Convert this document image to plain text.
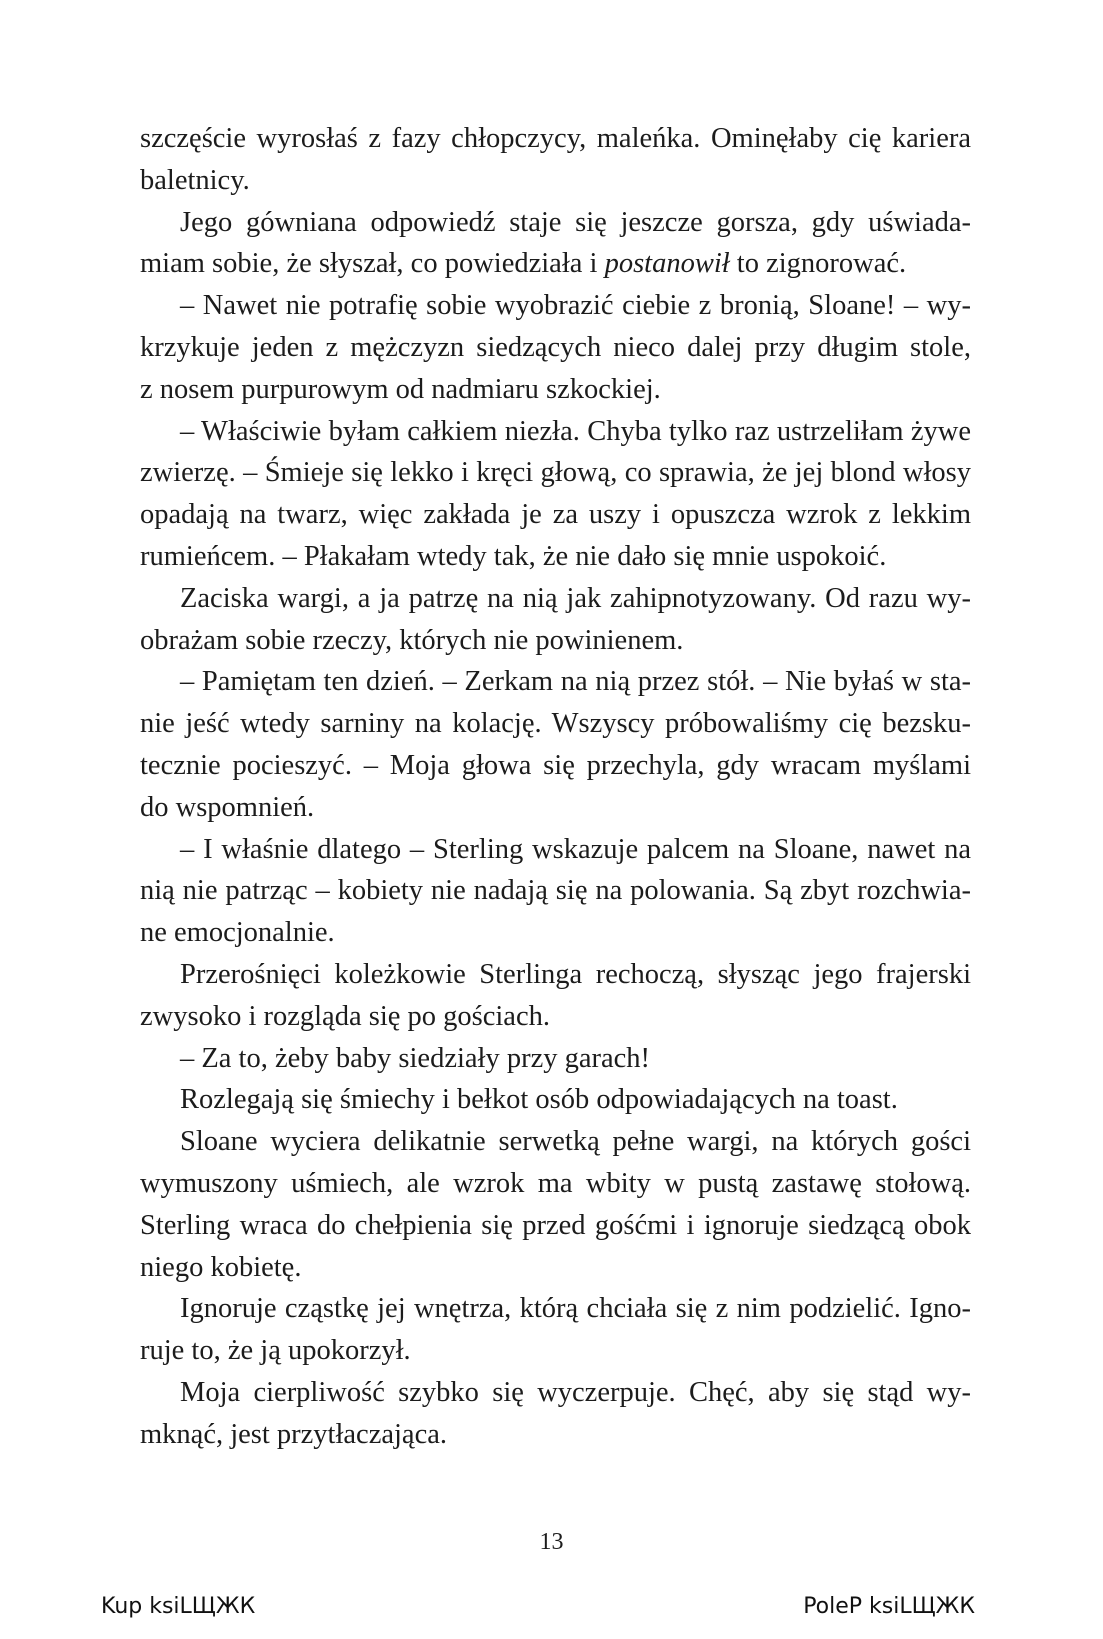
szczęście wyrosłaś z fazy chłopczycy, maleńka. Ominęłaby cię kariera
baletnicy.
Jego gówniana odpowiedź staje się jeszcze gorsza, gdy uświada-
miam sobie, że słyszał, co powiedziała i postanowił to zignorować.
– Nawet nie potrafię sobie wyobrazić ciebie z bronią, Sloane! – wy-
krzykuje jeden z mężczyzn siedzących nieco dalej przy długim stole,
z nosem purpurowym od nadmiaru szkockiej.
– Właściwie byłam całkiem niezła. Chyba tylko raz ustrzeliłam żywe
zwierzę. – Śmieje się lekko i kręci głową, co sprawia, że jej blond włosy
opadają na twarz, więc zakłada je za uszy i opuszcza wzrok z lekkim
rumieńcem. – Płakałam wtedy tak, że nie dało się mnie uspokoić.
Zaciska wargi, a ja patrzę na nią jak zahipnotyzowany. Od razu wy-
obrażam sobie rzeczy, których nie powinienem.
– Pamiętam ten dzień. – Zerkam na nią przez stół. – Nie byłaś w sta-
nie jeść wtedy sarniny na kolację. Wszyscy próbowaliśmy cię bezsku-
tecznie pocieszyć. – Moja głowa się przechyla, gdy wracam myślami
do wspomnień.
– I właśnie dlatego – Sterling wskazuje palcem na Sloane, nawet na
nią nie patrząc – kobiety nie nadają się na polowania. Są zbyt rozchwia-
ne emocjonalnie.
Przerośnięci koleżkowie Sterlinga rechoczą, słysząc jego frajerski
zwysoko i rozgląda się po gościach.
– Za to, żeby baby siedziały przy garach!
Rozlegają się śmiechy i bełkot osób odpowiadających na toast.
Sloane wyciera delikatnie serwetką pełne wargi, na których gości
wymuszony uśmiech, ale wzrok ma wbity w pustą zastawę stołową.
Sterling wraca do chełpienia się przed gośćmi i ignoruje siedzącą obok
niego kobietę.
Ignoruje cząstkę jej wnętrza, którą chciała się z nim podzielić. Igno-
ruje to, że ją upokorzył.
Moja cierpliwość szybko się wyczerpuje. Chęć, aby się stąd wy-
mknąć, jest przytłaczająca.
13
Kup ksiLЩЖК	PoleP ksiLЩЖК
